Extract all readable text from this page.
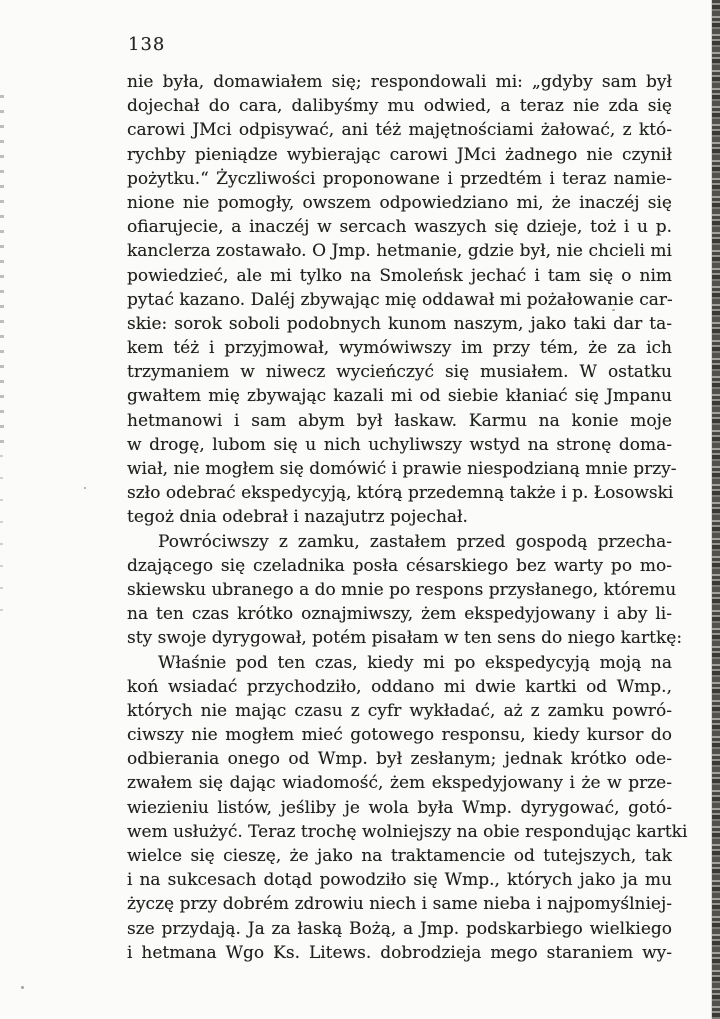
138
nie była, domawiałem się; respondowali mi: „gdyby sam był
dojechał do cara, dalibyśmy mu odwied, a teraz nie zda się
carowi JMci odpisywać, ani téż majętnościami żałować, z któ-
rychby pieniądze wybierając carowi JMci żadnego nie czynił
pożytku.“ Życzliwości proponowane i przedtém i teraz namie-
nione nie pomogły, owszem odpowiedziano mi, że inaczéj się
ofiarujecie, a inaczéj w sercach waszych się dzieje, toż i u p.
kanclerza zostawało. O Jmp. hetmanie, gdzie był, nie chcieli mi
powiedzieć, ale mi tylko na Smoleńsk jechać i tam się o nim
pytać kazano. Daléj zbywając mię oddawał mi pożałowanie car-
skie: sorok soboli podobnych kunom naszym, jako taki dar ta-
kem téż i przyjmował, wymówiwszy im przy tém, że za ich
trzymaniem w niwecz wycieńczyć się musiałem. W ostatku
gwałtem mię zbywając kazali mi od siebie kłaniać się Jmpanu
hetmanowi i sam abym był łaskaw. Karmu na konie moje
w drogę, lubom się u nich uchyliwszy wstyd na stronę doma-
wiał, nie mogłem się domówić i prawie niespodzianą mnie przy-
szło odebrać ekspedycyją, którą przedemną także i p. Łosowski
tegoż dnia odebrał i nazajutrz pojechał.
Powróciwszy z zamku, zastałem przed gospodą przecha-
dzającego się czeladnika posła césarskiego bez warty po mo-
skiewsku ubranego a do mnie po respons przysłanego, któremu
na ten czas krótko oznajmiwszy, żem ekspedyjowany i aby li-
sty swoje dyrygował, potém pisałam w ten sens do niego kartkę:
Właśnie pod ten czas, kiedy mi po ekspedycyją moją na
koń wsiadać przychodziło, oddano mi dwie kartki od Wmp.,
których nie mając czasu z cyfr wykładać, aż z zamku powró-
ciwszy nie mogłem mieć gotowego responsu, kiedy kursor do
odbierania onego od Wmp. był zesłanym; jednak krótko ode-
zwałem się dając wiadomość, żem ekspedyjowany i że w prze-
wiezieniu listów, jeśliby je wola była Wmp. dyrygować, gotó-
wem usłużyć. Teraz trochę wolniejszy na obie respondując kartki
wielce się cieszę, że jako na traktamencie od tutejszych, tak
i na sukcesach dotąd powodziło się Wmp., których jako ja mu
życzę przy dobrém zdrowiu niech i same nieba i najpomyślniej-
sze przydają. Ja za łaską Bożą, a Jmp. podskarbiego wielkiego
i hetmana Wgo Ks. Litews. dobrodzieja mego staraniem wy-
